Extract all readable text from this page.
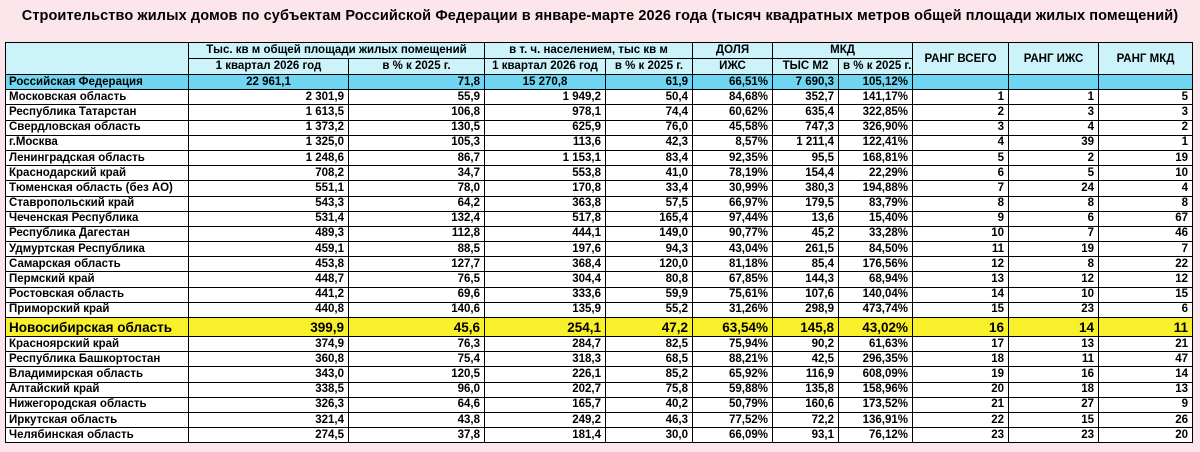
Строительство жилых домов по субъектам Российской Федерации в январе-марте 2026 года (тысяч квадратных метров общей площади жилых помещений)
	Тыс. кв м общей площади жилых помещений		в т. ч. населением, тыс кв м		ДОЛЯ	МКД		РАНГ ВСЕГО	РАНГ ИЖС	РАНГ МКД
	1 квартал 2026 год	в % к 2025 г.	1 квартал 2026 год	в % к 2025 г.	ИЖС	ТЫС М2	в % к 2025 г.			
Российская Федерация	22 961,1	71,8	15 270,8	61,9	66,51%	7 690,3	105,12%			
Московская область	2 301,9	55,9	1 949,2	50,4	84,68%	352,7	141,17%	1	1	5
Республика Татарстан	1 613,5	106,8	978,1	74,4	60,62%	635,4	322,85%	2	3	3
Свердловская область	1 373,2	130,5	625,9	76,0	45,58%	747,3	326,90%	3	4	2
г.Москва	1 325,0	105,3	113,6	42,3	8,57%	1 211,4	122,41%	4	39	1
Ленинградская область	1 248,6	86,7	1 153,1	83,4	92,35%	95,5	168,81%	5	2	19
Краснодарский край	708,2	34,7	553,8	41,0	78,19%	154,4	22,29%	6	5	10
Тюменская область (без АО)	551,1	78,0	170,8	33,4	30,99%	380,3	194,88%	7	24	4
Ставропольский край	543,3	64,2	363,8	57,5	66,97%	179,5	83,79%	8	8	8
Чеченская Республика	531,4	132,4	517,8	165,4	97,44%	13,6	15,40%	9	6	67
Республика Дагестан	489,3	112,8	444,1	149,0	90,77%	45,2	33,28%	10	7	46
Удмуртская Республика	459,1	88,5	197,6	94,3	43,04%	261,5	84,50%	11	19	7
Самарская область	453,8	127,7	368,4	120,0	81,18%	85,4	176,56%	12	8	22
Пермский край	448,7	76,5	304,4	80,8	67,85%	144,3	68,94%	13	12	12
Ростовская область	441,2	69,6	333,6	59,9	75,61%	107,6	140,04%	14	10	15
Приморский край	440,8	140,6	135,9	55,2	31,26%	298,9	473,74%	15	23	6
Новосибирская область	399,9	45,6	254,1	47,2	63,54%	145,8	43,02%	16	14	11
Красноярский край	374,9	76,3	284,7	82,5	75,94%	90,2	61,63%	17	13	21
Республика Башкортостан	360,8	75,4	318,3	68,5	88,21%	42,5	296,35%	18	11	47
Владимирская область	343,0	120,5	226,1	85,2	65,92%	116,9	608,09%	19	16	14
Алтайский край	338,5	96,0	202,7	75,8	59,88%	135,8	158,96%	20	18	13
Нижегородская область	326,3	64,6	165,7	40,2	50,79%	160,6	173,52%	21	27	9
Иркутская область	321,4	43,8	249,2	46,3	77,52%	72,2	136,91%	22	15	26
Челябинская область	274,5	37,8	181,4	30,0	66,09%	93,1	76,12%	23	23	20
